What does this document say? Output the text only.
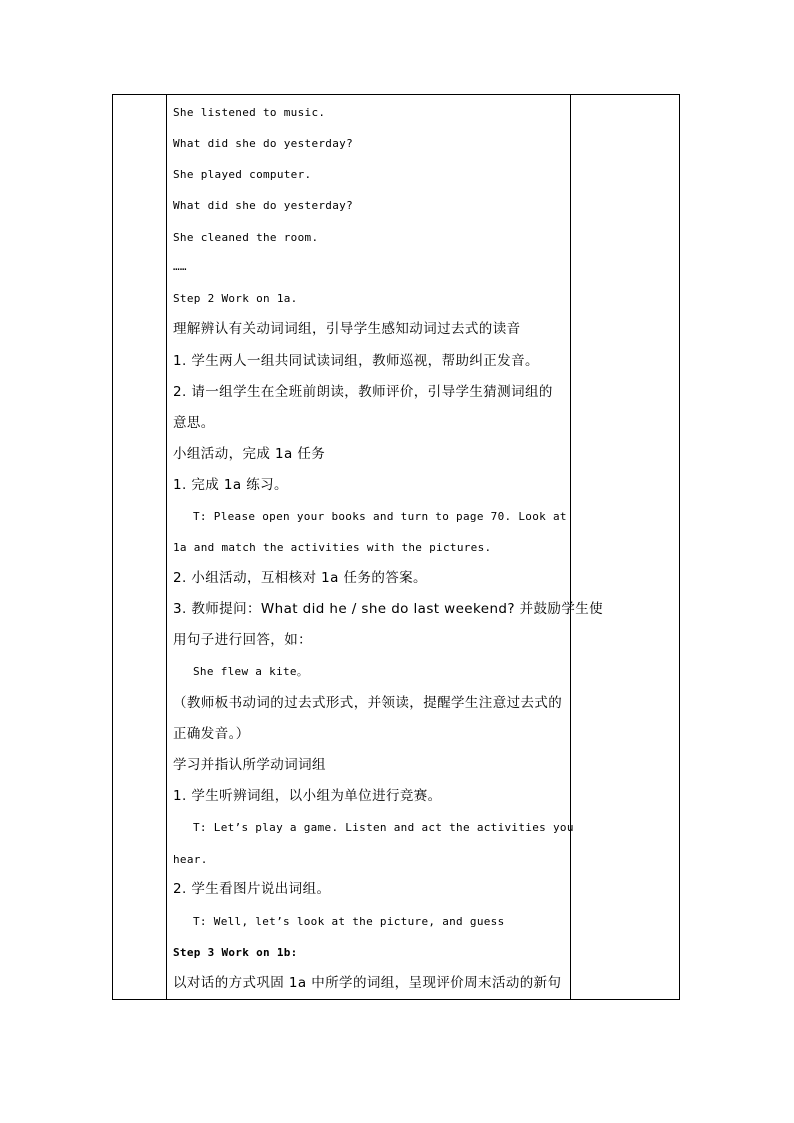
She listened to music.
What did she do yesterday?
She played computer.
What did she do yesterday?
She cleaned the room.
……
Step 2 Work on 1a.
理解辨认有关动词词组，引导学生感知动词过去式的读音
1. 学生两人一组共同试读词组，教师巡视，帮助纠正发音。
2. 请一组学生在全班前朗读，教师评价，引导学生猜测词组的
意思。
小组活动，完成 1a 任务
1. 完成 1a 练习。
T: Please open your books and turn to page 70. Look at
1a and match the activities with the pictures.
2. 小组活动，互相核对 1a 任务的答案。
3. 教师提问：What did he / she do last weekend? 并鼓励学生使
用句子进行回答，如：
She flew a kite。
（教师板书动词的过去式形式，并领读，提醒学生注意过去式的
正确发音。）
学习并指认所学动词词组
1. 学生听辨词组，以小组为单位进行竞赛。
T: Let’s play a game. Listen and act the activities you
hear.
2. 学生看图片说出词组。
T: Well, let’s look at the picture, and guess
Step 3 Work on 1b:
以对话的方式巩固 1a 中所学的词组，呈现评价周末活动的新句
